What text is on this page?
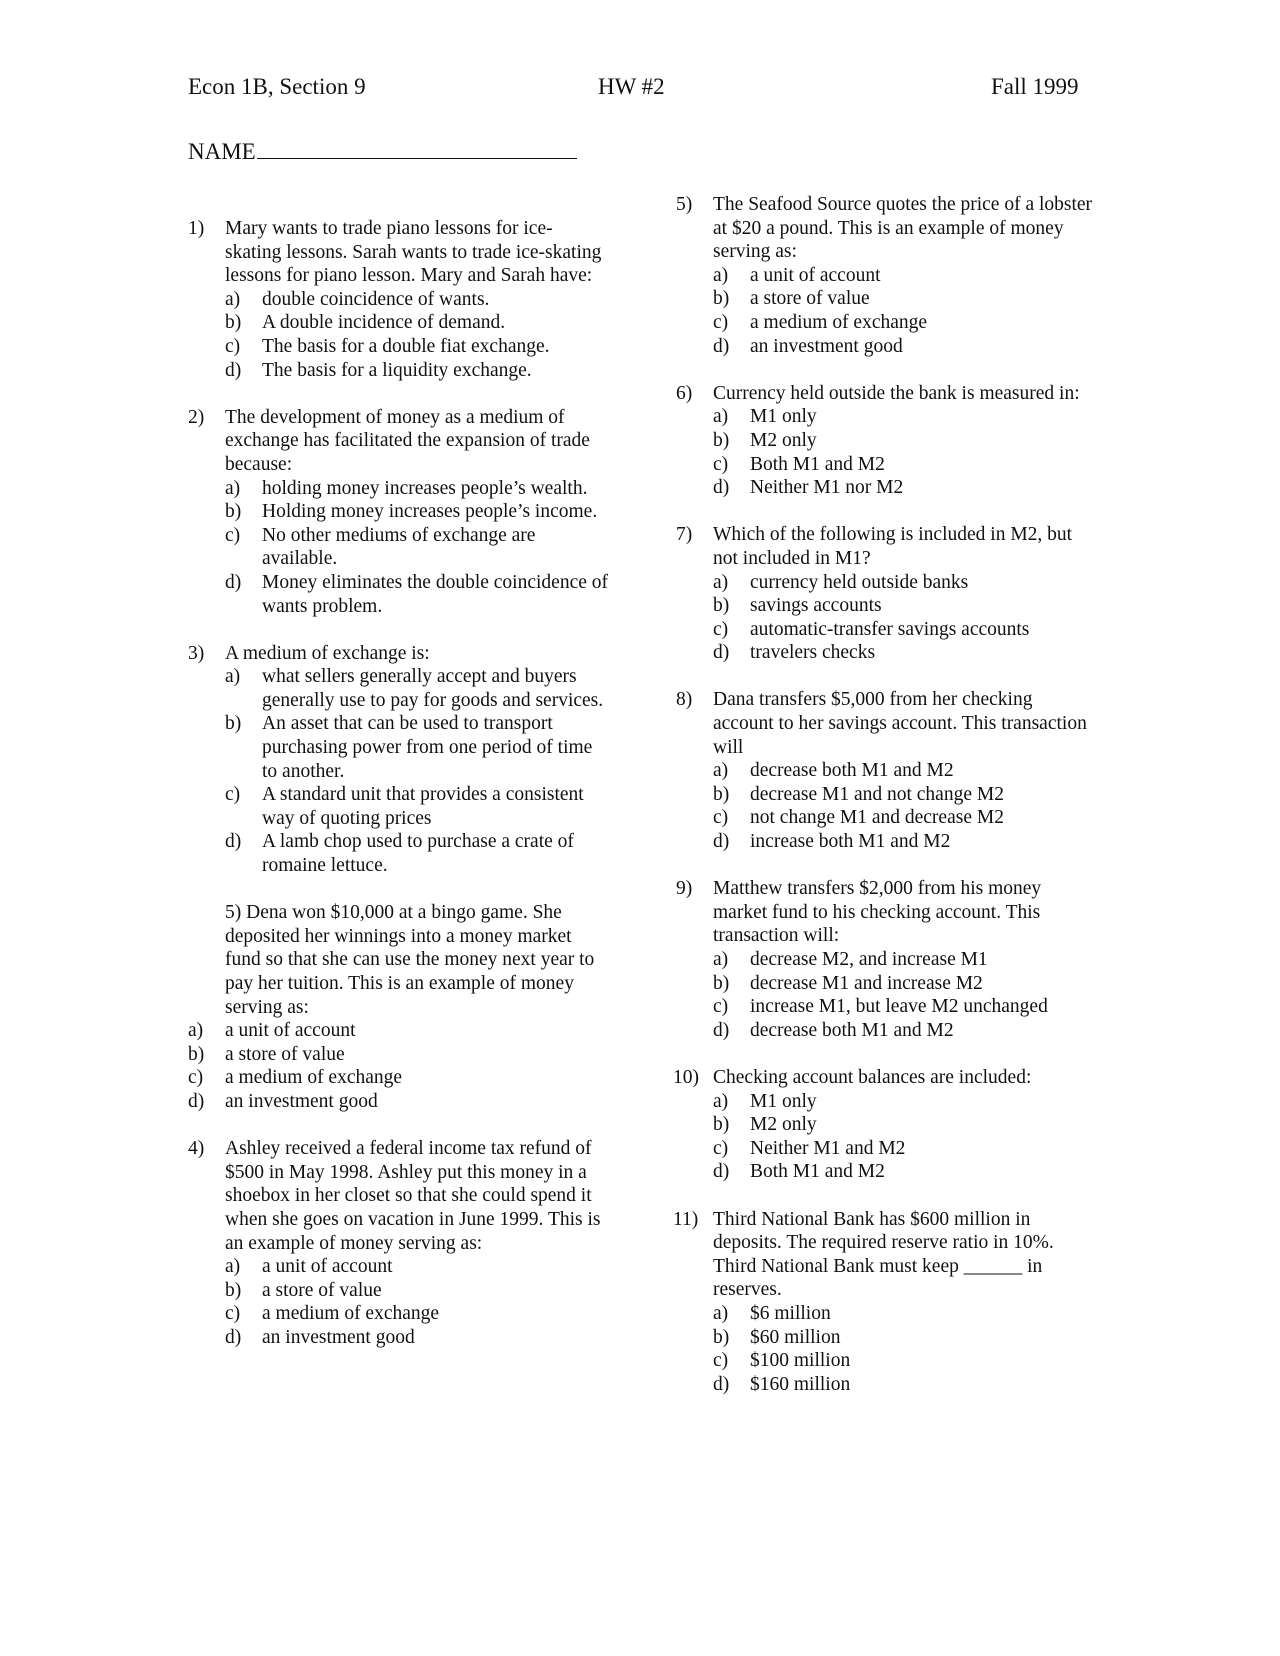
Econ 1B, Section 9	HW #2	Fall 1999
NAME
1) Mary wants to trade piano lessons for ice-skating lessons. Sarah wants to trade ice-skating lessons for piano lesson. Mary and Sarah have:

a) double coincidence of wants.
b) A double incidence of demand.
c) The basis for a double fiat exchange.
d) The basis for a liquidity exchange.
2) The development of money as a medium of exchange has facilitated the expansion of trade because:

a) holding money increases people’s wealth.
b) Holding money increases people’s income.
c) No other mediums of exchange are available.
d) Money eliminates the double coincidence of wants problem.
3) A medium of exchange is:

a) what sellers generally accept and buyers generally use to pay for goods and services.
b) An asset that can be used to transport purchasing power from one period of time to another.
c) A standard unit that provides a consistent way of quoting prices
d) A lamb chop used to purchase a crate of romaine lettuce.

5) Dena won $10,000 at a bingo game. She deposited her winnings into a money market fund so that she can use the money next year to pay her tuition. This is an example of money serving as:

a) a unit of account
b) a store of value
c) a medium of exchange
d) an investment good
4) Ashley received a federal income tax refund of $500 in May 1998. Ashley put this money in a shoebox in her closet so that she could spend it when she goes on vacation in June 1999. This is an example of money serving as:

a) a unit of account
b) a store of value
c) a medium of exchange
d) an investment good
5) The Seafood Source quotes the price of a lobster at $20 a pound. This is an example of money serving as:

a) a unit of account
b) a store of value
c) a medium of exchange
d) an investment good
6) Currency held outside the bank is measured in:

a) M1 only
b) M2 only
c) Both M1 and M2
d) Neither M1 nor M2
7) Which of the following is included in M2, but not included in M1?

a) currency held outside banks
b) savings accounts
c) automatic-transfer savings accounts
d) travelers checks
8) Dana transfers $5,000 from her checking account to her savings account. This transaction will

a) decrease both M1 and M2
b) decrease M1 and not change M2
c) not change M1 and decrease M2
d) increase both M1 and M2
9) Matthew transfers $2,000 from his money market fund to his checking account. This transaction will:

a) decrease M2, and increase M1
b) decrease M1 and increase M2
c) increase M1, but leave M2 unchanged
d) decrease both M1 and M2
10) Checking account balances are included:

a) M1 only
b) M2 only
c) Neither M1 and M2
d) Both M1 and M2
11) Third National Bank has $600 million in deposits. The required reserve ratio in 10%. Third National Bank must keep ______ in reserves.

a) $6 million
b) $60 million
c) $100 million
d) $160 million
